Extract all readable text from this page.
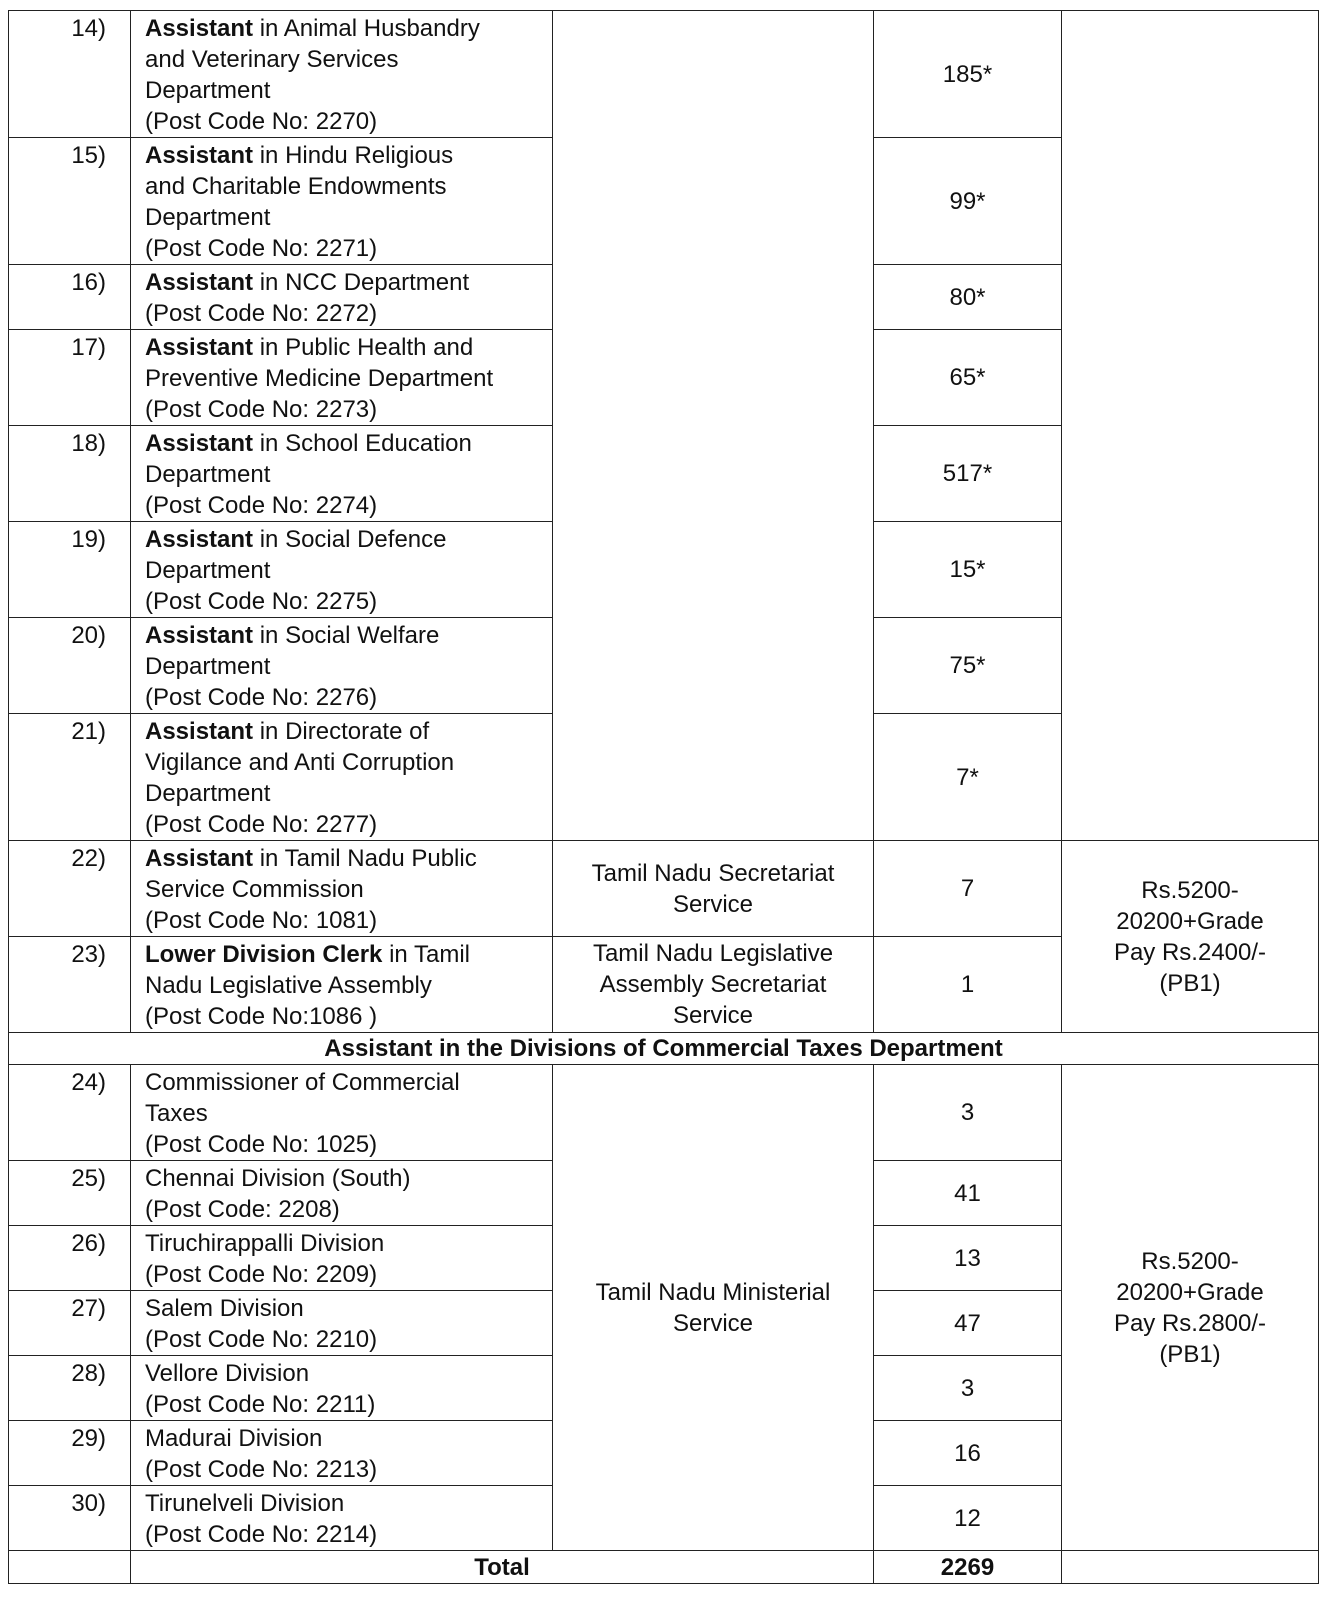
14)	Assistant in Animal Husbandry
and Veterinary Services
Department
(Post Code No: 2270)		185*	
15)	Assistant in Hindu Religious
and Charitable Endowments
Department
(Post Code No: 2271)		99*	
16)	Assistant in NCC Department
(Post Code No: 2272)		80*	
17)	Assistant in Public Health and
Preventive Medicine Department
(Post Code No: 2273)		65*	
18)	Assistant in School Education
Department
(Post Code No: 2274)		517*	
19)	Assistant in Social Defence
Department
(Post Code No: 2275)		15*	
20)	Assistant in Social Welfare
Department
(Post Code No: 2276)		75*	
21)	Assistant in Directorate of
Vigilance and Anti Corruption
Department
(Post Code No: 2277)		7*	
22)	Assistant in Tamil Nadu Public
Service Commission
(Post Code No: 1081)	Tamil Nadu Secretariat
Service	7	Rs.5200-
20200+Grade
Pay Rs.2400/-
(PB1)

23)	Lower Division Clerk in Tamil
Nadu Legislative Assembly
(Post Code No:1086 )	Tamil Nadu Legislative
Assembly Secretariat
Service	1	
Assistant in the Divisions of Commercial Taxes Department				
24)	Commissioner of Commercial
Taxes
(Post Code No: 1025)	Tamil Nadu Ministerial
Service	3	Rs.5200-
20200+Grade
Pay Rs.2800/-
(PB1)

25)	Chennai Division (South)
(Post Code: 2208)		41	
26)	Tiruchirappalli Division
(Post Code No: 2209)		13	
27)	Salem Division
(Post Code No: 2210)		47	
28)	Vellore Division
(Post Code No: 2211)		3	
29)	Madurai Division
(Post Code No: 2213)		16	
30)	Tirunelveli Division
(Post Code No: 2214)		12	
	Total		2269	
